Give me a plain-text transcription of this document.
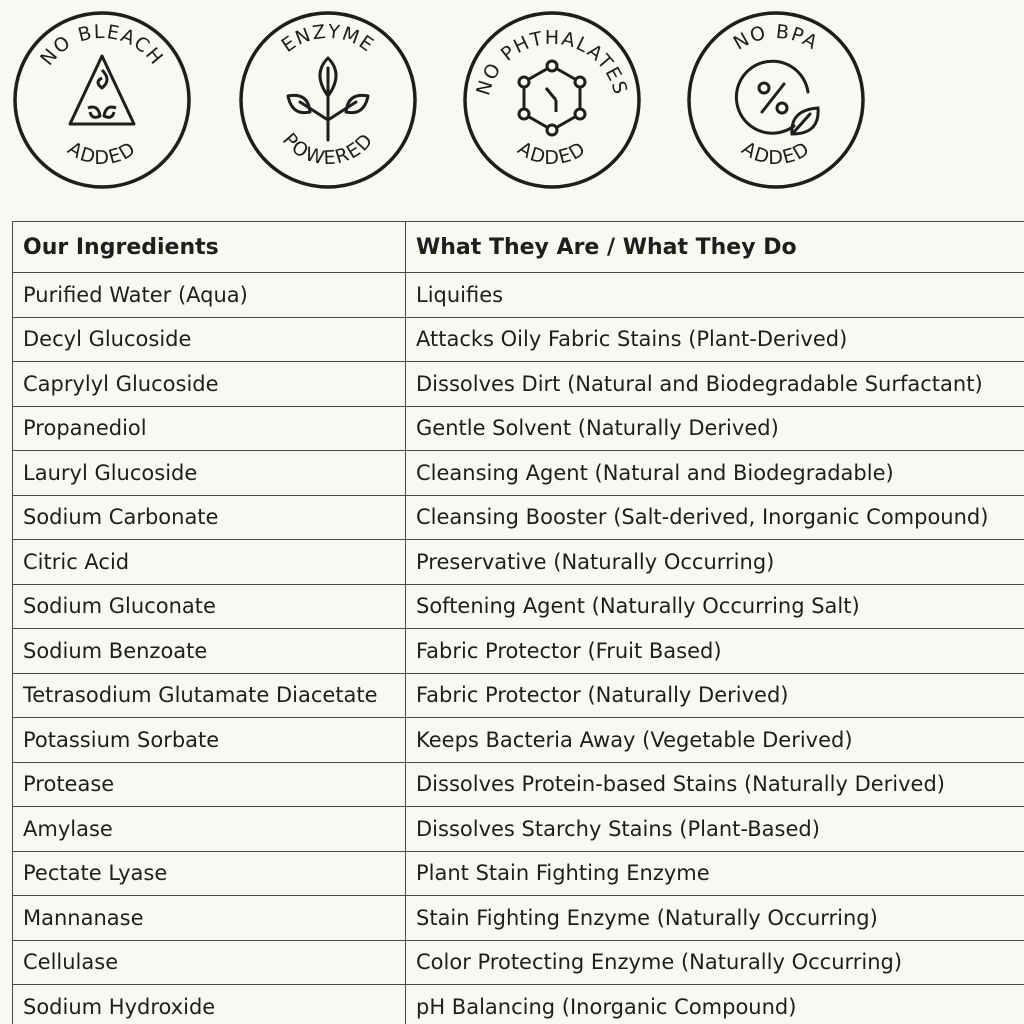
NO BLEACH
ADDED
ENZYME
POWERED
NO PHTHALATES
ADDED
NO BPA
ADDED
Our Ingredients	What They Are / What They Do
Purified Water (Aqua)	Liquifies
Decyl Glucoside	Attacks Oily Fabric Stains (Plant-Derived)
Caprylyl Glucoside	Dissolves Dirt (Natural and Biodegradable Surfactant)
Propanediol	Gentle Solvent (Naturally Derived)
Lauryl Glucoside	Cleansing Agent (Natural and Biodegradable)
Sodium Carbonate	Cleansing Booster (Salt-derived, Inorganic Compound)
Citric Acid	Preservative (Naturally Occurring)
Sodium Gluconate	Softening Agent (Naturally Occurring Salt)
Sodium Benzoate	Fabric Protector (Fruit Based)
Tetrasodium Glutamate Diacetate	Fabric Protector (Naturally Derived)
Potassium Sorbate	Keeps Bacteria Away (Vegetable Derived)
Protease	Dissolves Protein-based Stains (Naturally Derived)
Amylase	Dissolves Starchy Stains (Plant-Based)
Pectate Lyase	Plant Stain Fighting Enzyme
Mannanase	Stain Fighting Enzyme (Naturally Occurring)
Cellulase	Color Protecting Enzyme (Naturally Occurring)
Sodium Hydroxide	pH Balancing (Inorganic Compound)
